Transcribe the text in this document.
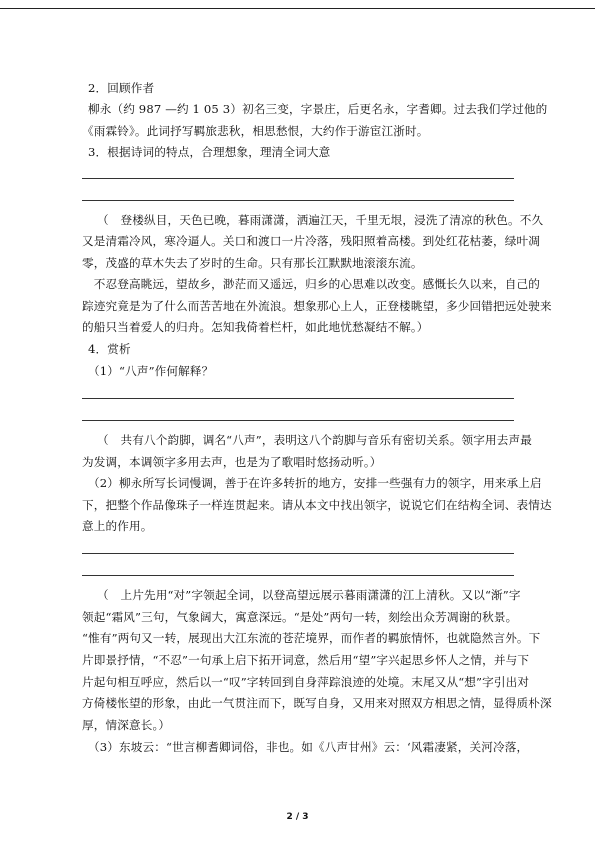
2．回顾作者
柳永（约 987 —约 1 05 3）初名三变，字景庄，后更名永，字耆卿。过去我们学过他的
《雨霖铃》。此词抒写羁旅悲秋，相思愁恨，大约作于游宦江浙时。
3．根据诗词的特点，合理想象，理清全词大意
（　登楼纵目，天色已晚，暮雨潇潇，洒遍江天，千里无垠，浸洗了清凉的秋色。不久
又是清霜冷风，寒冷逼人。关口和渡口一片冷落，残阳照着高楼。到处红花枯萎，绿叶凋
零，茂盛的草木失去了岁时的生命。只有那长江默默地滚滚东流。
　不忍登高眺远，望故乡，渺茫而又遥远，归乡的心思难以改变。感慨长久以来，自己的
踪迹究竟是为了什么而苦苦地在外流浪。想象那心上人，正登楼眺望，多少回错把远处驶来
的船只当着爱人的归舟。怎知我倚着栏杆，如此地忧愁凝结不解。）
4．赏析
（1）“八声”作何解释？
（　共有八个韵脚，调名“八声”，表明这八个韵脚与音乐有密切关系。领字用去声最
为发调，本调领字多用去声，也是为了歌唱时悠扬动听。）
（2）柳永所写长词慢调，善于在许多转折的地方，安排一些强有力的领字，用来承上启
下，把整个作品像珠子一样连贯起来。请从本文中找出领字，说说它们在结构全词、表情达
意上的作用。
（　上片先用“对”字领起全词，以登高望远展示暮雨潇潇的江上清秋。又以“渐”字
领起“霜风”三句，气象阔大，寓意深远。“是处”两句一转，刻绘出众芳凋谢的秋景。
“惟有”两句又一转，展现出大江东流的苍茫境界，而作者的羁旅情怀，也就隐然言外。下
片即景抒情，“不忍”一句承上启下拓开词意，然后用“望”字兴起思乡怀人之情，并与下
片起句相互呼应，然后以一“叹”字转回到自身萍踪浪迹的处境。末尾又从“想”字引出对
方倚楼怅望的形象，由此一气贯注而下，既写自身，又用来对照双方相思之情，显得质朴深
厚，情深意长。）
（3）东坡云：“世言柳耆卿词俗，非也。如《八声甘州》云：‘风霜凄紧，关河冷落，
2 / 3
